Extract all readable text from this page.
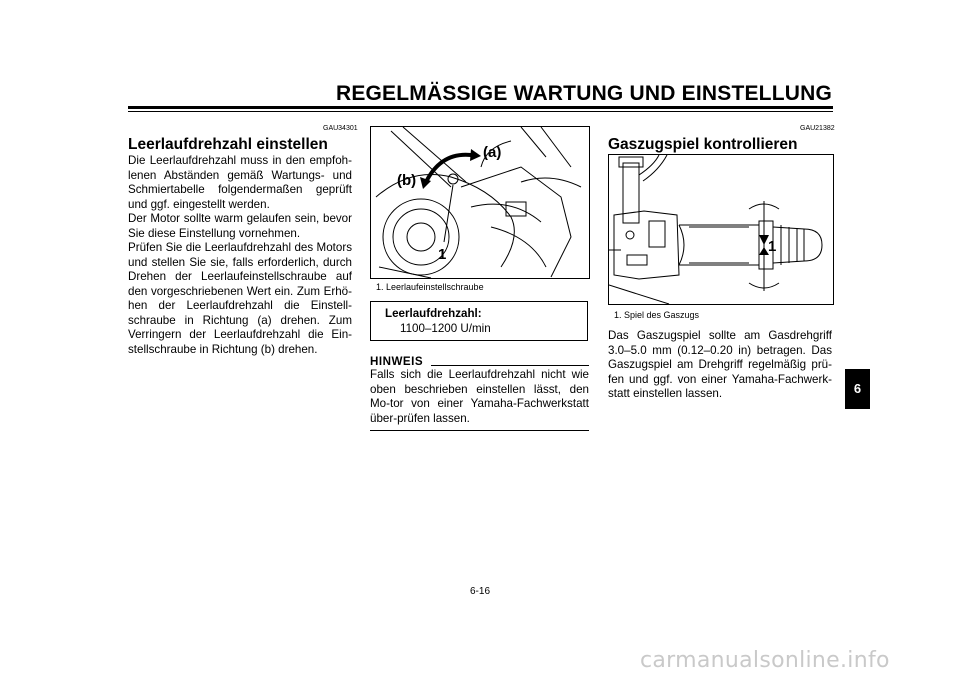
REGELMÄSSIGE WARTUNG UND EINSTELLUNG
GAU34301
Leerlaufdrehzahl einstellen

Die Leerlaufdrehzahl muss in den empfoh-lenen Abständen gemäß Wartungs- und Schmiertabelle folgendermaßen geprüft und ggf. eingestellt werden.

Der Motor sollte warm gelaufen sein, bevor Sie diese Einstellung vornehmen.

Prüfen Sie die Leerlaufdrehzahl des Motors und stellen Sie sie, falls erforderlich, durch Drehen der Leerlaufeinstellschraube auf den vorgeschriebenen Wert ein. Zum Erhö-hen der Leerlaufdrehzahl die Einstell-schraube in Richtung (a) drehen. Zum Verringern der Leerlaufdrehzahl die Ein-stellschraube in Richtung (b) drehen.

(a)
(b)
1
1. Leerlaufeinstellschraube
Leerlaufdrehzahl:
1100–1200 U/min
HINWEIS
Falls sich die Leerlaufdrehzahl nicht wie oben beschrieben einstellen lässt, den Mo-tor von einer Yamaha-Fachwerkstatt über-prüfen lassen.
GAU21382
Gaszugspiel kontrollieren
1
1. Spiel des Gaszugs
Das Gaszugspiel sollte am Gasdrehgriff 3.0–5.0 mm (0.12–0.20 in) betragen. Das Gaszugspiel am Drehgriff regelmäßig prü-fen und ggf. von einer Yamaha-Fachwerk-statt einstellen lassen.	6
6-16
carmanualsonline.info
